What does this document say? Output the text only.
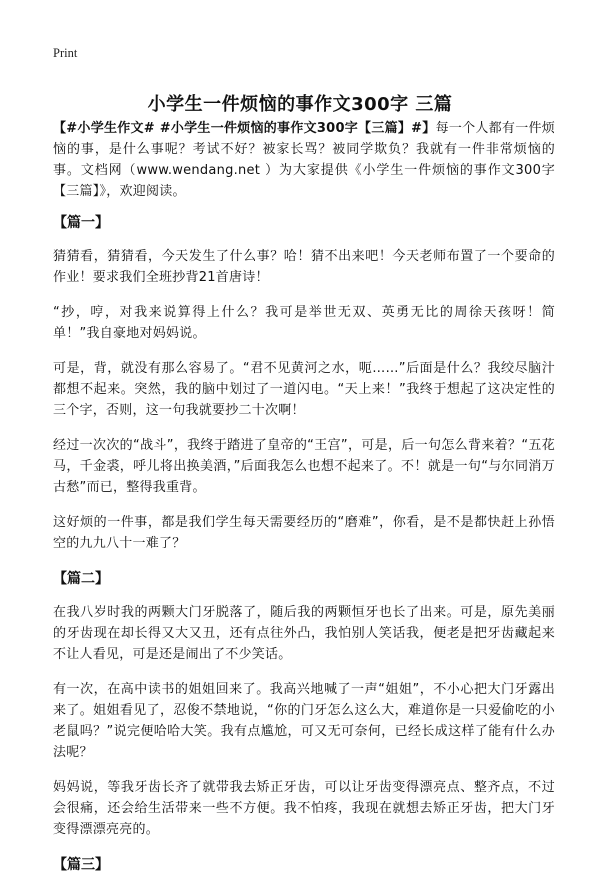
Print
小学生一件烦恼的事作文300字 三篇

【#小学生作文# #小学生一件烦恼的事作文300字【三篇】#】每一个人都有一件烦恼的事，是什么事呢？考试不好？被家长骂？被同学欺负？我就有一件非常烦恼的事。文档网（www.wendang.net ）为大家提供《小学生一件烦恼的事作文300字【三篇】》，欢迎阅读。

【篇一】

猜猜看，猜猜看，今天发生了什么事？哈！猜不出来吧！今天老师布置了一个要命的作业！要求我们全班抄背21首唐诗！

“抄，哼，对我来说算得上什么？我可是举世无双、英勇无比的周徐天孩呀！简单！”我自豪地对妈妈说。

可是，背，就没有那么容易了。“君不见黄河之水，呃……”后面是什么？我绞尽脑汁都想不起来。突然，我的脑中划过了一道闪电。“天上来！”我终于想起了这决定性的三个字，否则，这一句我就要抄二十次啊！

经过一次次的“战斗”，我终于踏进了皇帝的“王宫”，可是，后一句怎么背来着？“五花马，千金裘，呼儿将出换美酒，”后面我怎么也想不起来了。不！就是一句“与尔同消万古愁”而已，整得我重背。

这好烦的一件事，都是我们学生每天需要经历的“磨难”，你看，是不是都快赶上孙悟空的九九八十一难了？

【篇二】

在我八岁时我的两颗大门牙脱落了，随后我的两颗恒牙也长了出来。可是，原先美丽的牙齿现在却长得又大又丑，还有点往外凸，我怕别人笑话我，便老是把牙齿藏起来不让人看见，可是还是闹出了不少笑话。

有一次，在高中读书的姐姐回来了。我高兴地喊了一声“姐姐”，不小心把大门牙露出来了。姐姐看见了，忍俊不禁地说，“你的门牙怎么这么大，难道你是一只爱偷吃的小老鼠吗？”说完便哈哈大笑。我有点尴尬，可又无可奈何，已经长成这样了能有什么办法呢？

妈妈说，等我牙齿长齐了就带我去矫正牙齿，可以让牙齿变得漂亮点、整齐点，不过会很痛，还会给生活带来一些不方便。我不怕疼，我现在就想去矫正牙齿，把大门牙变得漂漂亮亮的。

【篇三】
